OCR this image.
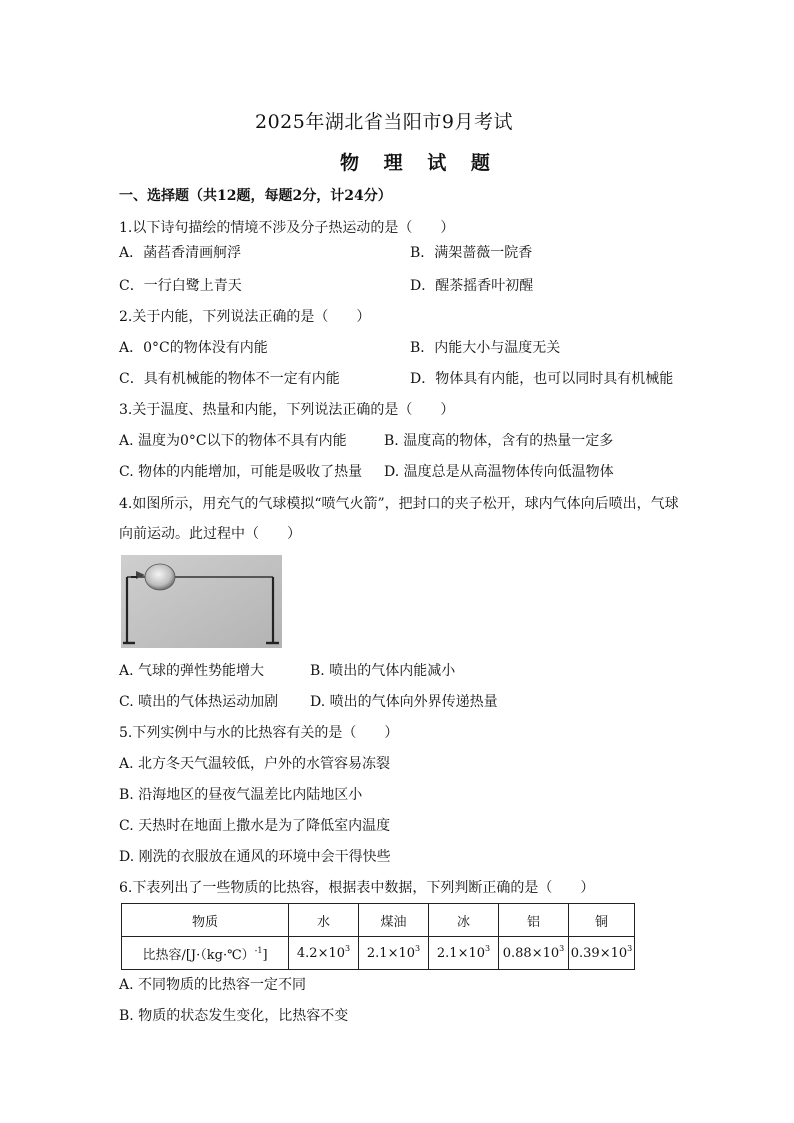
2025年湖北省当阳市9月考试
物 理 试 题
一、选择题（共12题，每题2分，计24分）
1.以下诗句描绘的情境不涉及分子热运动的是（　　）
A．菡萏香清画舸浮	B．满架蔷薇一院香
C．一行白鹭上青天	D．醒茶摇香叶初醒
2.关于内能，下列说法正确的是（　　）
A．0°C的物体没有内能	B．内能大小与温度无关
C．具有机械能的物体不一定有内能	D．物体具有内能，也可以同时具有机械能
3.关于温度、热量和内能，下列说法正确的是（　　）
A. 温度为0°C以下的物体不具有内能	B. 温度高的物体，含有的热量一定多
C. 物体的内能增加，可能是吸收了热量 D. 温度总是从高温物体传向低温物体
4.如图所示，用充气的气球模拟“喷气火箭”，把封口的夹子松开，球内气体向后喷出，气球
向前运动。此过程中（　　）
A. 气球的弹性势能增大	B. 喷出的气体内能减小
C. 喷出的气体热运动加剧 D. 喷出的气体向外界传递热量
5.下列实例中与水的比热容有关的是（　　）
A. 北方冬天气温较低，户外的水管容易冻裂
B. 沿海地区的昼夜气温差比内陆地区小
C. 天热时在地面上撒水是为了降低室内温度
D. 刚洗的衣服放在通风的环境中会干得快些
6.下表列出了一些物质的比热容，根据表中数据，下列判断正确的是（　　）
物质	水	煤油	冰	铝	铜
比热容/[J·（kg·℃）$^{-1}$]	$4.2\times 10^3$	$2.1\times 10^3$	$2.1\times 10^3$	$0.88\times 10^3$	$0.39\times 10^3$
A. 不同物质的比热容一定不同
B. 物质的状态发生变化，比热容不变
